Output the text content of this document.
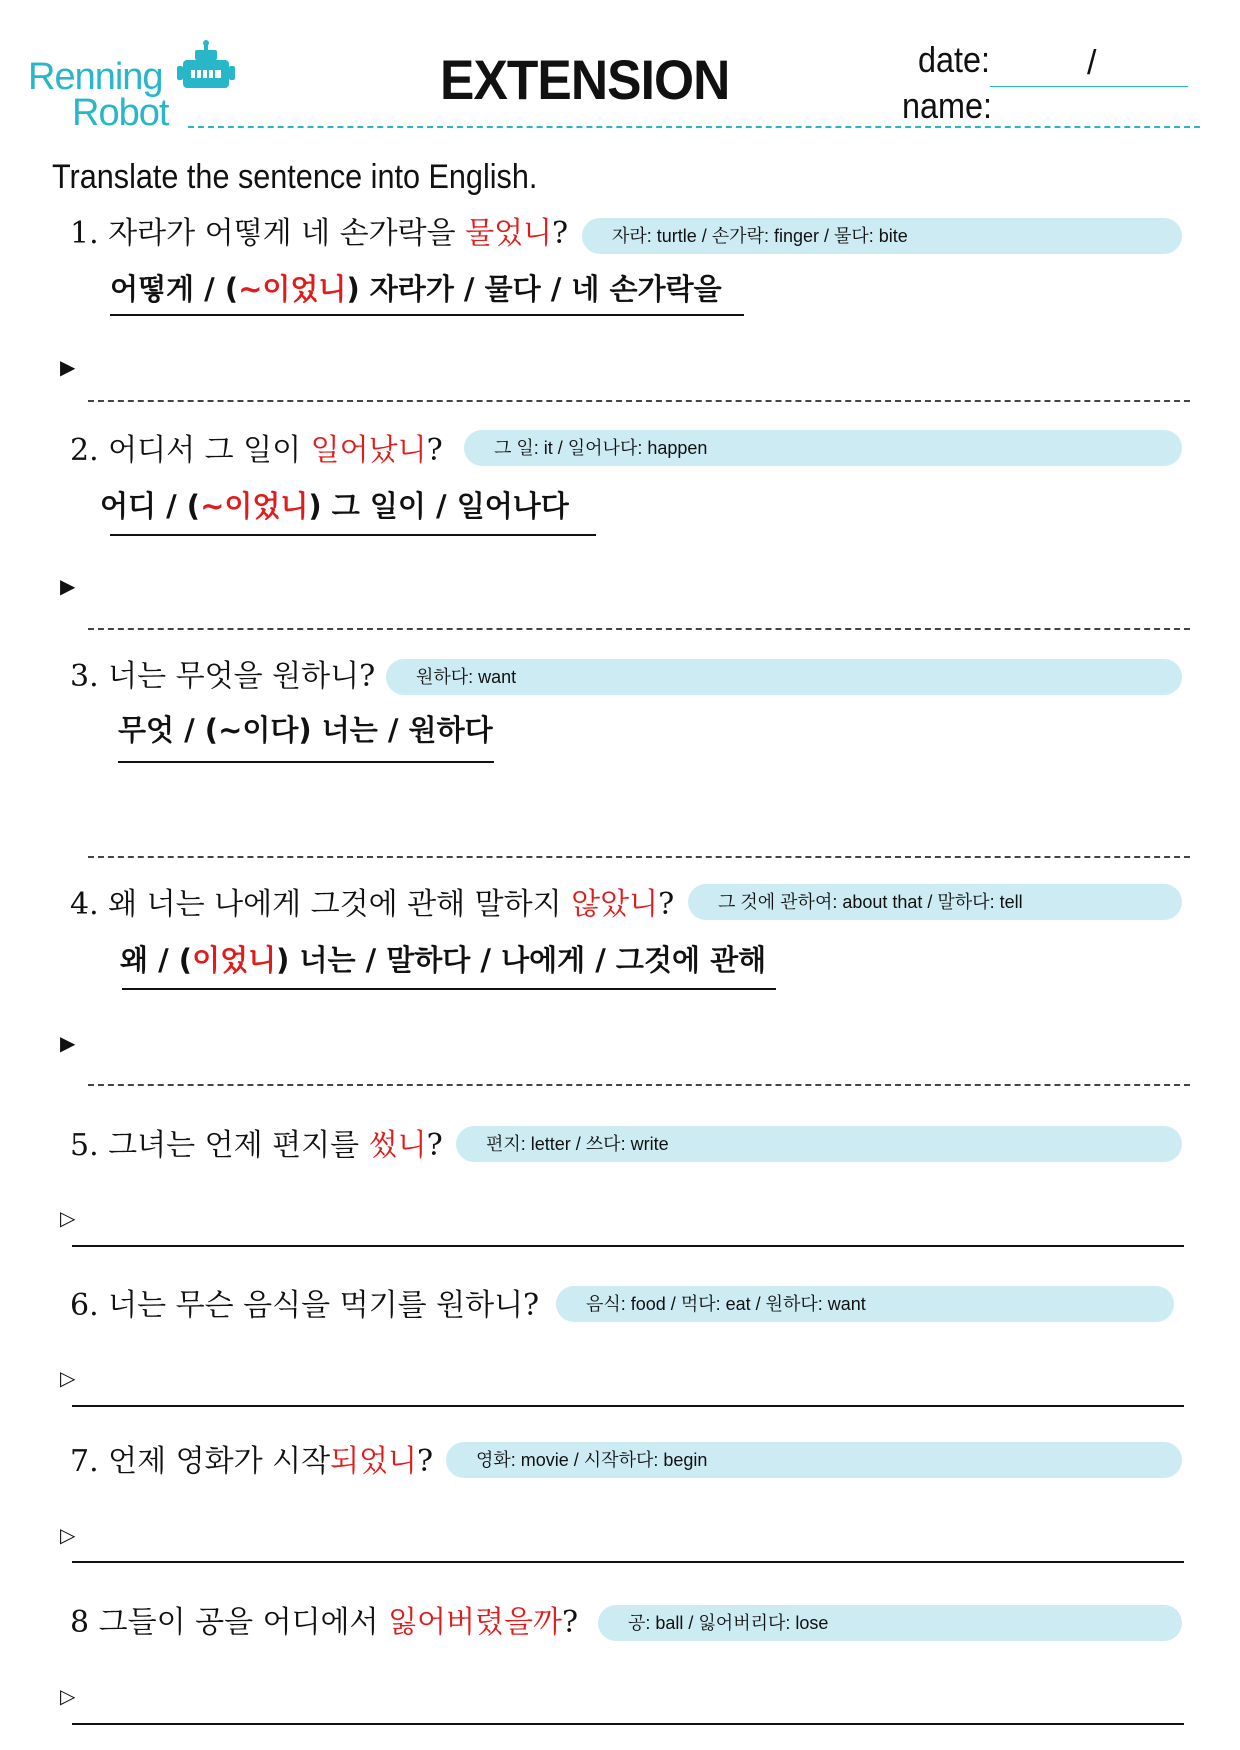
Renning
Robot
EXTENSION	date:	/
name:
Translate the sentence into English.
1. 자라가 어떻게 네 손가락을 물었니?	자라: turtle / 손가락: finger / 물다: bite
어떻게 / (~이었니) 자라가 / 물다 / 네 손가락을
▶
2. 어디서 그 일이 일어났니?	그 일: it / 일어나다: happen
어디 / (~이었니) 그 일이 / 일어나다
▶
3. 너는 무엇을 원하니?	원하다: want
무엇 / (~이다) 너는 / 원하다
4. 왜 너는 나에게 그것에 관해 말하지 않았니?	그 것에 관하여: about that / 말하다: tell
왜 / (이었니) 너는 / 말하다 / 나에게 / 그것에 관해
▶
5. 그녀는 언제 편지를 썼니?	편지: letter / 쓰다: write
▷
6. 너는 무슨 음식을 먹기를 원하니?	음식: food / 먹다: eat / 원하다: want
▷
7. 언제 영화가 시작되었니?	영화: movie / 시작하다: begin
▷
8 그들이 공을 어디에서 잃어버렸을까?	공: ball / 잃어버리다: lose
▷
